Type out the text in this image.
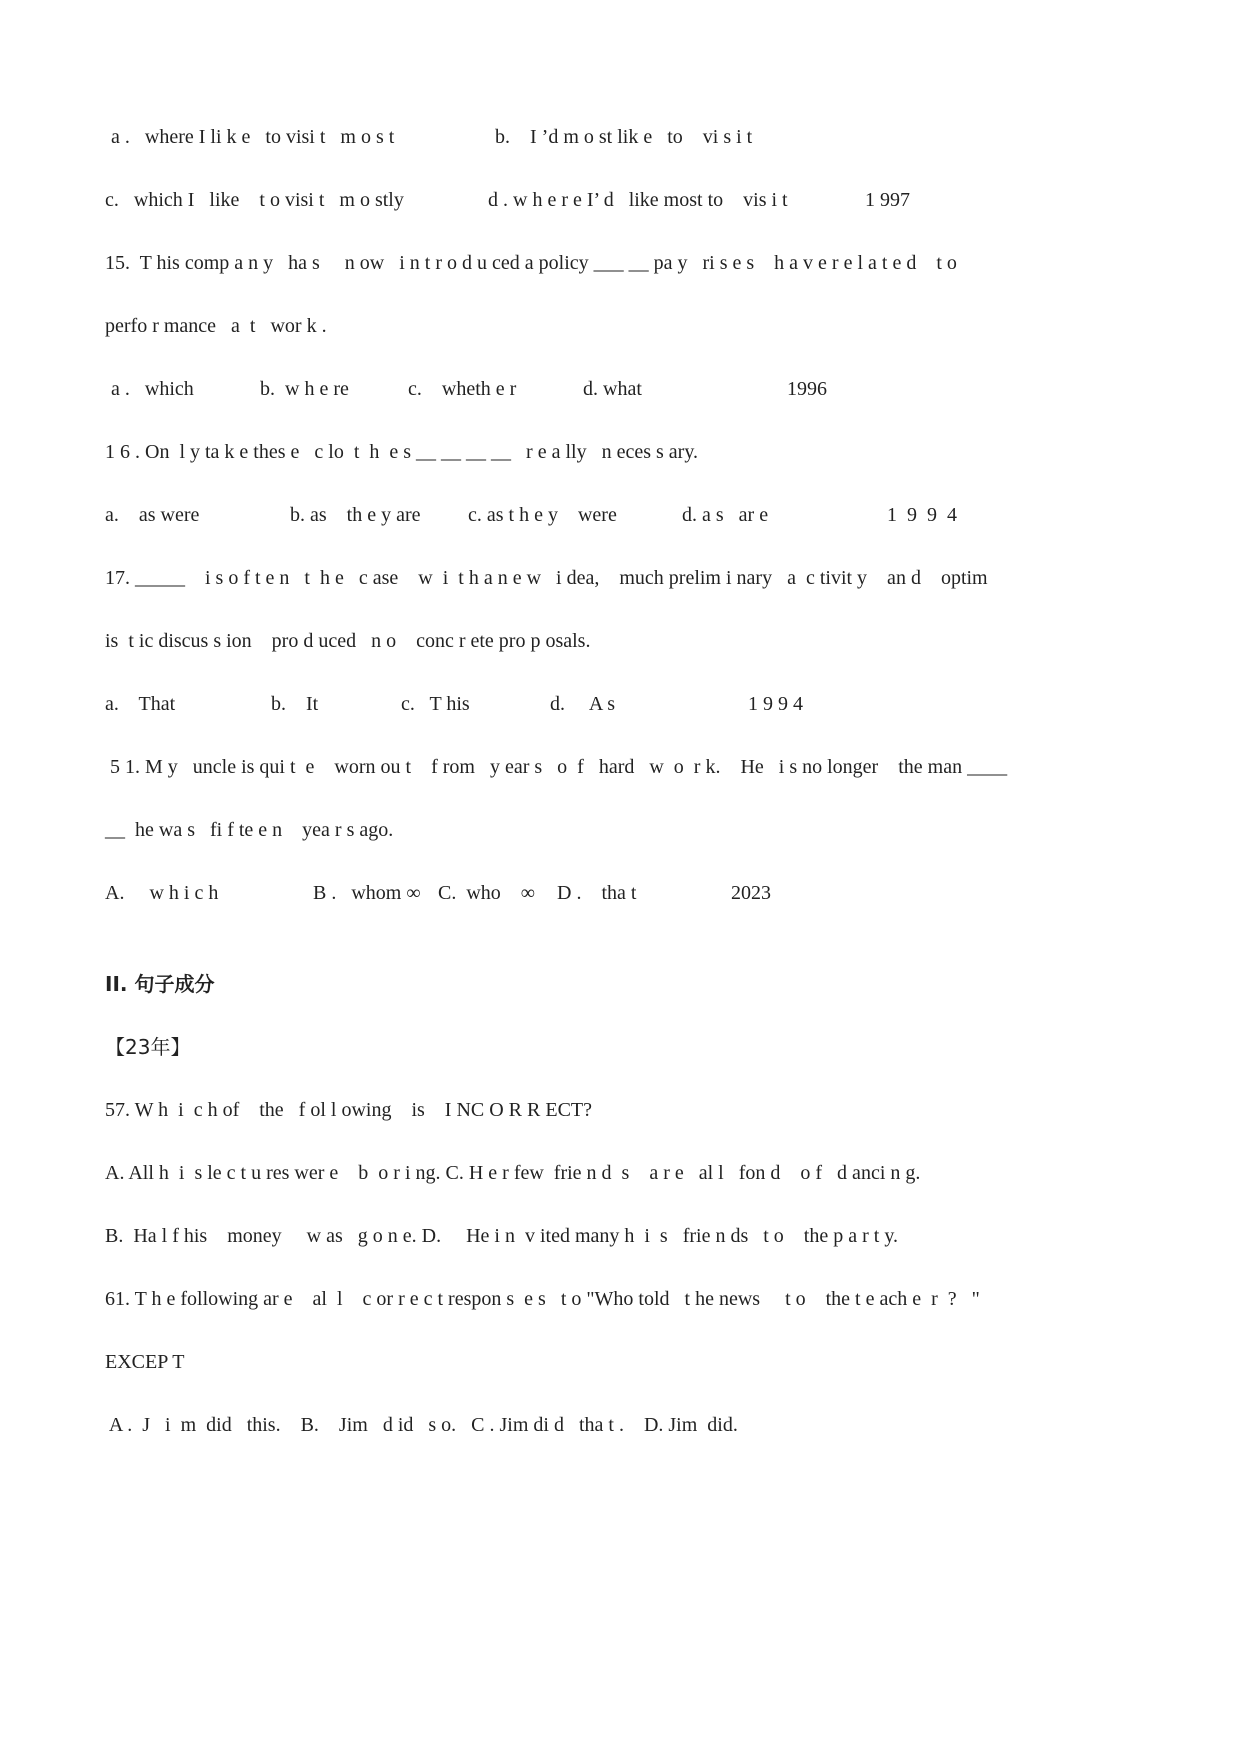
a .   where I li k e   to visi t   m o s t	b.    I ’d m o st lik e   to    vi s i t
c.   which I   like    t o visi t   m o stly	d . w h e r e I’ d   like most to    vis i t	1 997
15.  T his comp a n y   ha s     n ow   i n t r o d u ced a policy ___ __ pa y   ri s e s    h a v e r e l a t e d    t o
perfo r mance   a  t   wor k .
a .   which	b.  w h e re	c.    wheth e r	d. what	1996
1 6 . On  l y ta k e thes e   c lo  t  h  e s __ __ __ __   r e a lly   n eces s ary.
a.    as were	b. as    th e y are c. as t h e y    were	d. a s   ar e	1  9  9  4
17. _____    i s o f t e n   t  h e   c ase    w  i  t h a n e w   i dea,    much prelim i nary   a  c tivit y    an d    optim
is  t ic discus s ion    pro d uced   n o    conc r ete pro p osals.
a.    That	b.    It	c.   T his	d.     A s	1 9 9 4
5 1. M y   uncle is qui t  e    worn ou t    f rom   y ear s   o  f   hard   w  o  r k.    He   i s no longer    the man ____
__  he wa s   fi f te e n    yea r s ago.
A.     w h i c h	B .   whom ∞ C.  who    ∞ D .    tha t	2023
II. 句子成分
【23年】
57. W h  i  c h of    the   f ol l owing    is    I NC O R R ECT?
A. All h  i  s le c t u res wer e    b  o r i ng. C. H e r few  frie n d  s    a r e   al l   fon d    o f   d anci n g.
B.  Ha l f his    money     w as   g o n e. D.     He i n  v ited many h  i  s   frie n ds   t o    the p a r t y.
61. T h e following ar e    al  l    c or r e c t respon s  e s   t o "Who told   t he news     t o    the t e ach e  r  ?   "
EXCEP T
A .  J   i  m  did   this.    B.    Jim   d id   s o.   C . Jim di d   tha t .    D. Jim  did.
